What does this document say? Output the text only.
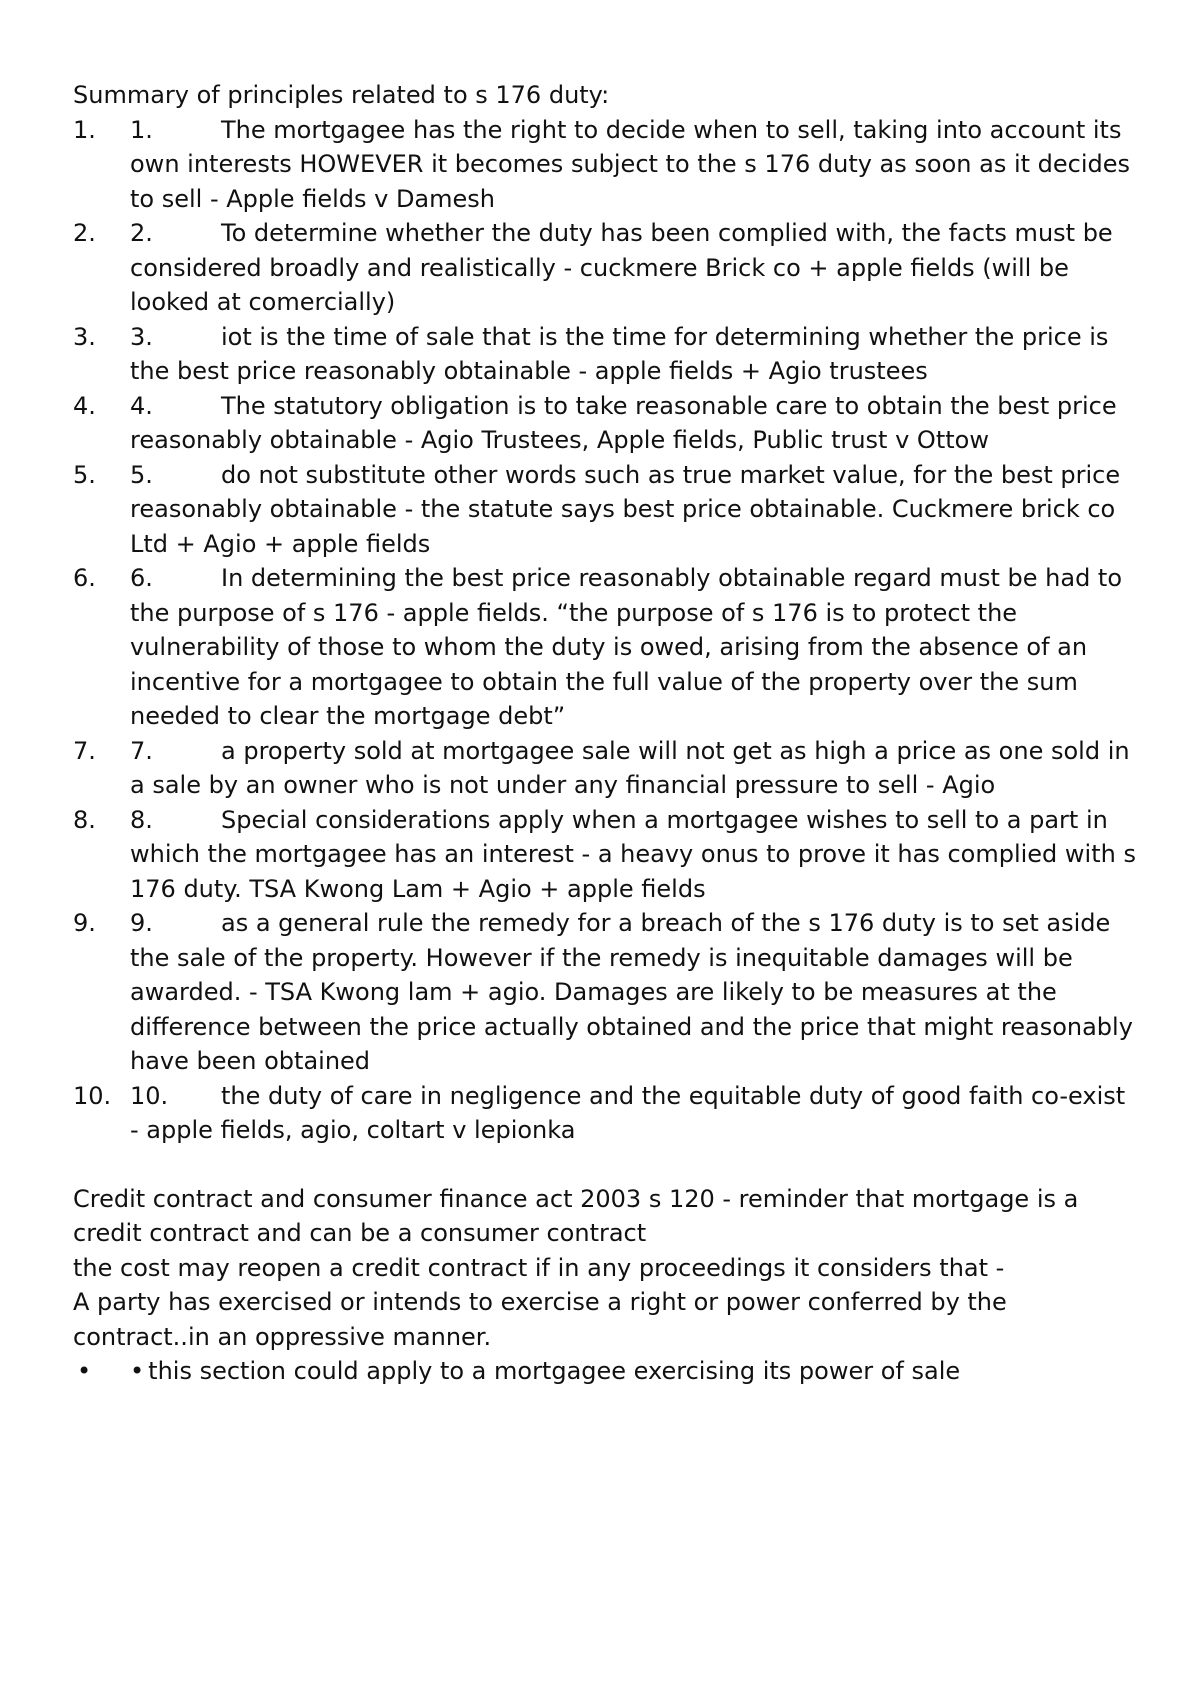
Summary of principles related to s 176 duty:

1. 1.	The mortgagee has the right to decide when to sell, taking into account its own interests HOWEVER it becomes subject to the s 176 duty as soon as it decides to sell - Apple fields v Damesh
2. 2.	To determine whether the duty has been complied with, the facts must be considered broadly and realistically - cuckmere Brick co + apple fields (will be looked at comercially)
3. 3.	iot is the time of sale that is the time for determining whether the price is the best price reasonably obtainable - apple fields + Agio trustees
4. 4.	The statutory obligation is to take reasonable care to obtain the best price reasonably obtainable - Agio Trustees, Apple fields, Public trust v Ottow
5. 5.	do not substitute other words such as true market value, for the best price reasonably obtainable - the statute says best price obtainable. Cuckmere brick co Ltd + Agio + apple fields
6. 6.	In determining the best price reasonably obtainable regard must be had to the purpose of s 176 - apple fields. “the purpose of s 176 is to protect the vulnerability of those to whom the duty is owed, arising from the absence of an incentive for a mortgagee to obtain the full value of the property over the sum needed to clear the mortgage debt”
7. 7.	a property sold at mortgagee sale will not get as high a price as one sold in a sale by an owner who is not under any financial pressure to sell - Agio
8. 8.	Special considerations apply when a mortgagee wishes to sell to a part in which the mortgagee has an interest - a heavy onus to prove it has complied with s 176 duty. TSA Kwong Lam + Agio + apple fields
9. 9.	as a general rule the remedy for a breach of the s 176 duty is to set aside the sale of the property. However if the remedy is inequitable damages will be awarded. - TSA Kwong lam + agio. Damages are likely to be measures at the difference between the price actually obtained and the price that might reasonably have been obtained
10. 10. the duty of care in negligence and the equitable duty of good faith co-exist - apple fields, agio, coltart v lepionka

Credit contract and consumer finance act 2003 s 120 - reminder that mortgage is a credit contract and can be a consumer contract

the cost may reopen a credit contract if in any proceedings it considers that -

A party has exercised or intends to exercise a right or power conferred by the contract..in an oppressive manner.

• • this section could apply to a mortgagee exercising its power of sale
